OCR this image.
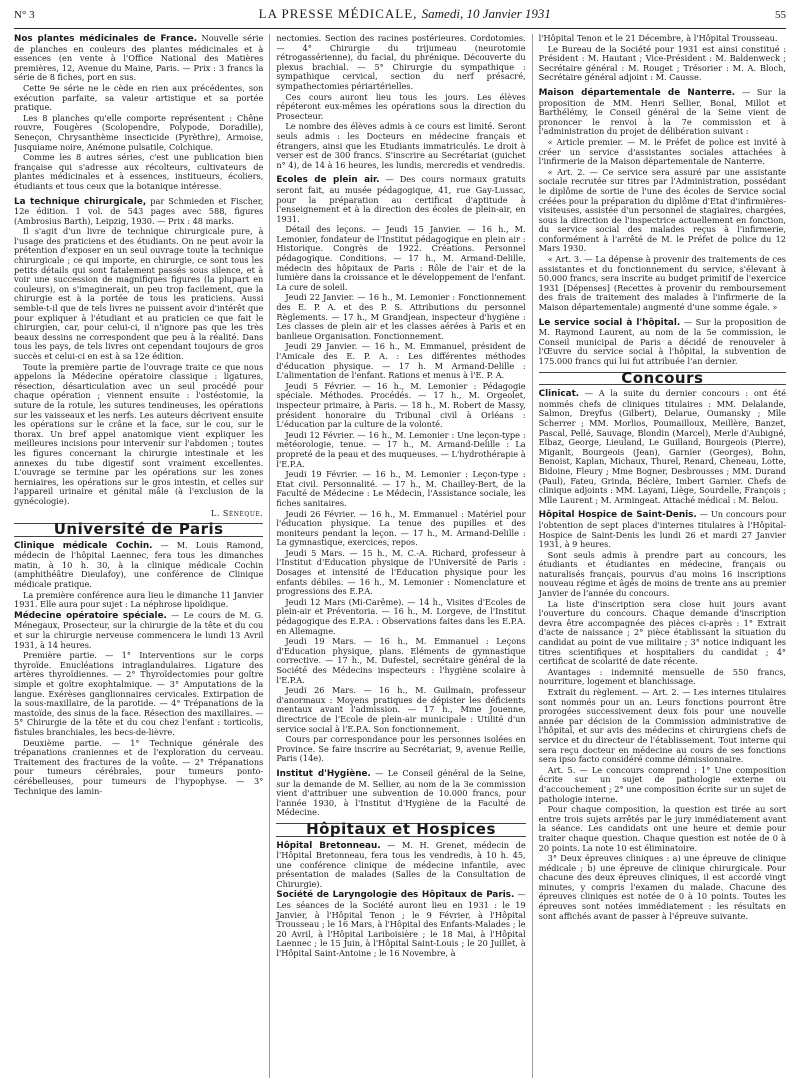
N° 3	LA PRESSE MÉDICALE, Samedi, 10 Janvier 1931	55

Nos plantes médicinales de France. Nouvelle série de planches en couleurs des plantes médicinales et à essences (en vente à l'Office National des Matières premières, 12, Avenue du Maine, Paris. — Prix : 3 francs la série de 8 fiches, port en sus.

Cette 9e série ne le cède en rien aux précédentes, son exécution parfaite, sa valeur artistique et sa portée pratique.

Les 8 planches qu'elle comporte représentent : Chêne rouvre, Fougères (Scolopendre, Polypode, Doradille), Seneçon, Chrysanthème insecticide (Pyrèthre), Armoise, Jusquiame noire, Anémone pulsatile, Colchique.

Comme les 8 autres séries, c'est une publication bien française qui s'adresse aux récolteurs, cultivateurs de plantes médicinales et à essences, institueurs, écoliers, étudiants et tous ceux que la botanique intéresse.

La technique chirurgicale, par Schmieden et Fischer, 12e édition. 1 vol. de 543 pages avec 588, figures (Ambrosius Barth), Leipzig, 1930. — Prix : 48 marks.

Il s'agit d'un livre de technique chirurgicale pure, à l'usage des praticiens et des étudiants. On ne peut avoir la prétention d'exposer en un seul ouvrage toute la technique chirurgicale ; ce qui importe, en chirurgie, ce sont tous les petits détails qui sont fatalement passés sous silence, et à voir une succession de magnifiques figures (la plupart en couleurs), on s'imaginerait, un peu trop facilement, que la chirurgie est à la portée de tous les praticiens. Aussi semble-t-il que de tels livres ne puissent avoir d'intérêt que pour expliquer à l'étudiant et au praticien ce que fait le chirurgien, car, pour celui-ci, il n'ignore pas que les très beaux dessins ne correspondent que peu à la réalité. Dans tous les pays, de tels livres ont cependant toujours de gros succès et celui-ci en est à sa 12e édition.

Toute la première partie de l'ouvrage traite ce que nous appelons la Médecine opératoire classique : ligatures, résection, désarticulation avec un seul procédé pour chaque opération ; viennent ensuite : l'ostéotomie, la suture de la rotule, les sutures tendineuses, les opérations sur les vaisseaux et les nerfs. Les auteurs décrivent ensuite les opérations sur le crâne et la face, sur le cou, sur le thorax. Un bref appel anatomique vient expliquer les meilleures incisions pour intervenir sur l'abdomen ; toutes les figures concernant la chirurgie intestinale et les annexes du tube digestif sont vraiment excellentes. L'ouvrage se termine par les opérations sur les zones herniaires, les opérations sur le gros intestin, et celles sur l'appareil urinaire et génital mâle (à l'exclusion de la gynécologie).

L. Sénèque.
Université de Paris

Clinique médicale Cochin. — M. Louis Ramond, médecin de l'hôpital Laennec, fera tous les dimanches matin, à 10 h. 30, à la clinique médicale Cochin (amphithéâtre Dieulafoy), une conférence de Clinique médicale pratique.

La première conférence aura lieu le dimanche 11 Janvier 1931. Elle aura pour sujet : La néphrose lipoïdique.

Médecine opératoire spéciale. — Le cours de M. G. Ménegaux, Prosecteur, sur la chirurgie de la tête et du cou et sur la chirurgie nerveuse commencera le lundi 13 Avril 1931, à 14 heures.

Première partie. — 1° Interventions sur le corps thyroïde. Enucléations intraglandulaires. Ligature des artères thyroïdiennes. — 2° Thyroïdectomies pour goître simple et goître exophtalmique. — 3° Amputations de la langue. Exérèses ganglionnaires cervicales. Extirpation de la sous-maxillaire, de la parotide. — 4° Trépanations de la mastoïde, des sinus de la face. Résection des maxillaires. — 5° Chirurgie de la tête et du cou chez l'enfant : torticolis, fistules branchiales, les becs-de-lièvre.

Deuxième partie. — 1° Technique générale des trépanations craniennes et de l'exploration du cerveau. Traitement des fractures de la voûte. — 2° Trépanations pour tumeurs cérébrales, pour tumeurs ponto-cérébelleuses, pour tumeurs de l'hypophyse. — 3° Technique des lamin-

nectomies. Section des racines postérieures. Cordotomies. — 4° Chirurgie du trijumeau (neurotomie rétrogassérienne), du facial, du phrénique. Découverte du plexus brachial. — 5° Chirurgie du sympathique : sympathique cervical, section du nerf présacré, sympathectomies périartérielles.

Ces cours auront lieu tous les jours. Les élèves répéteront eux-mêmes les opérations sous la direction du Prosecteur.

Le nombre des élèves admis à ce cours est limité. Seront seuls admis : les Docteurs en médecine français et étrangers, ainsi que les Etudiants immatriculés. Le droit à verser est de 300 francs. S'inscrire au Secrétariat (guichet n° 4), de 14 à 16 heures, les lundis, mercredis et vendredis.

Ecoles de plein air. — Des cours normaux gratuits seront fait, au musée pédagogique, 41, rue Gay-Lussac, pour la préparation au certificat d'aptitude à l'enseignement et à la direction des écoles de plein-air, en 1931.

Détail des leçons. — Jeudi 15 Janvier. — 16 h., M. Lemonier, fondateur de l'Institut pédagogique en plein air : Historique. Congrès de 1922. Créations. Personnel pédagogique. Conditions. — 17 h., M. Armand-Delille, médecin des hôpitaux de Paris : Rôle de l'air et de la lumière dans la croissance et le développement de l'enfant. La cure de soleil.

Jeudi 22 Janvier. — 16 h., M. Lemonier : Fonctionnement des E. P. A. et des P. S. Attributions du personnel Règlements. — 17 h., M Grandjean, inspecteur d'hygiène : Les classes de plein air et les classes aérées à Paris et en banlieue Organisation. Fonctionnement.

Jeudi 29 Janvier. — 16 h., M. Emmanuel, président de l'Amicale des E. P. A. : Les différentes méthodes d'éducation physique. — 17 h. M Armand-Delille : L'alimentation de l'enfant. Rations et menus à l'E. P. A.

Jeudi 5 Février. — 16 h., M. Lemonier : Pédagogie spéciale. Méthodes. Procédés. — 17 h., M. Orgeolet, inspecteur primaire, à Paris. — 18 h., M. Robert de Massy, président honoraire du Tribunal civil à Orléans : L'éducation par la culture de la volonté.

Jeudi 12 Février. — 16 h., M. Lemonier : Une leçon-type : météorologie, tenue. — 17 h., M. Armand-Delille : La propreté de la peau et des muqueuses. — L'hydrothérapie à l'E.P.A.

Jeudi 19 Février. — 16 h., M. Lemonier : Leçon-type : Etat civil. Personnalité. — 17 h., M. Chailley-Bert, de la Faculté de Médecine : Le Médecin, l'Assistance sociale, les fiches sanitaires.

Jeudi 26 Février. — 16 h., M. Emmanuel : Matériel pour l'éducation physique. La tenue des pupilles et des moniteurs pendant la leçon. — 17 h., M. Armand-Delille : La gymnastique, exercices, repos.

Jeudi 5 Mars. — 15 h., M. C.-A. Richard, professeur à l'Institut d'Education physique de l'Université de Paris : Dosages et intensité de l'Education physique pour les enfants débiles. — 16 h., M. Lemonier : Nomenclature et progressions des E.P.A.

Jeudi 12 Mars (Mi-Carême). — 14 h., Visites d'Ecoles de plein-air et Préventoria. — 16 h., M. Lorgeve, de l'Institut pédagogique des E.P.A. : Observations faites dans les E.P.A. en Allemagne.

Jeudi 19 Mars. — 16 h., M. Emmanuel : Leçons d'Education physique, plans. Eléments de gymnastique corrective. — 17 h., M. Dufestel, secrétaire général de la Société des Médecins inspecteurs : l'hygiène scolaire à l'E.P.A.

Jeudi 26 Mars. — 16 h., M. Guilmain, professeur d'anormaux : Moyens pratiques de dépister les déficients mentaux avant l'admission. — 17 h., Mme Jouenne, directrice de l'Ecole de plein-air municipale : Utilité d'un service social à l'E.P.A. Son fonctionnement.

Cours par correspondance pour les personnes isolées en Province. Se faire inscrire au Secrétariat, 9, avenue Reille, Paris (14e).

Institut d'Hygiène. — Le Conseil général de la Seine, sur la demande de M. Sellier, au nom de la 3e commission vient d'attribuer une subvention de 10.000 francs, pour l'année 1930, à l'Institut d'Hygiène de la Faculté de Médecine.

Hôpitaux et Hospices

Hôpital Bretonneau. — M. H. Grenet, médecin de l'Hôpital Bretonneau, fera tous les vendredis, à 10 h. 45, une conférence clinique de médecine infantile, avec présentation de malades (Salles de la Consultation de Chirurgie).

Société de Laryngologie des Hôpitaux de Paris. — Les séances de la Société auront lieu en 1931 : le 19 Janvier, à l'Hôpital Tenon ; le 9 Février, à l'Hôpital Trousseau ; le 16 Mars, à l'Hôpital des Enfants-Malades ; le 20 Avril, à l'Hôpital Lariboisière ; le 18 Mai, à l'Hôpital Laennec ; le 15 Juin, à l'Hôpital Saint-Louis ; le 20 Juillet, à l'Hôpital Saint-Antoine ; le 16 Novembre, à

l'Hôpital Tenon et le 21 Décembre, à l'Hôpital Trousseau.

Le Bureau de la Société pour 1931 est ainsi constitué : Président : M. Hautant ; Vice-Président : M. Baldenweck ; Secrétaire général : M. Rouget ; Trésorier : M. A. Bloch, Secrétaire général adjoint : M. Causse.

Maison départementale de Nanterre. — Sur la proposition de MM. Henri Sellier, Bonal, Millot et Barthélémy, le Conseil général de la Seine vient de prononcer le renvoi à la 7e commission et à l'administration du projet de délibération suivant :

« Article premier. — M. le Préfet de police est invité à créer un service d'assistantes sociales attachées à l'infirmerie de la Maison départementale de Nanterre.

« Art. 2. — Ce service sera assuré par une assistante sociale recrutée sur titres par l'Administration, possédant le diplôme de sortie de l'une des écoles de Service social créées pour la préparation du diplôme d'Etat d'infirmières-visiteuses, assistée d'un personnel de stagiaires, chargées, sous la direction de l'inspectrice actuellement en fonction, du service social des malades reçus à l'infirmerie, conformément à l'arrêté de M. le Préfet de police du 12 Mars 1930.

« Art. 3. — La dépense à provenir des traitements de ces assistantes et du fonctionnement du service, s'élevant à 50.000 francs, sera inscrite au budget primitif de l'exercice 1931 [Dépenses] (Recettes à provenir du remboursement des frais de traitement des malades à l'infirmerie de la Maison départementale) augmenté d'une somme égale. »

Le service social à l'hôpital. — Sur la proposition de M. Raymond Laurent, au nom de la 5e commission, le Conseil municipal de Paris a décidé de renouveler à l'Œuvre du service social à l'hôpital, la subvention de 175.000 francs qui lui fut attribuée l'an dernier.

Concours

Clinicat. — A la suite du dernier concours : ont été nommés chefs de cliniques titulaires : MM. Delalande, Salmon, Dreyfus (Gilbert), Delarue, Oumansky ; Mlle Scherrer ; MM. Morlios, Poumailloux, Meillère, Banzet, Pascal, Pellé, Sauvage, Blondin (Marcel), Merle d'Aubigné, Elbaz, George, Lieuland, Le Guilland, Bourgeois (Pierre), Miganlt, Bourgeois (Jean), Garnier (Georges), Bohn, Benoist, Kaplan, Michaux, Thurel, Renard, Cheneau, Lotte, Bidoine, Fleury ; Mme Bogner, Desbrousses ; MM. Durand (Paul), Fateu, Grinda, Béclère, Imbert Garnier. Chefs de clinique adjoints : MM. Layani, Liège, Sourdelle, François ; Mlle Laurent ; M. Armingeat. Attaché médical : M. Belou.

Hôpital Hospice de Saint-Denis. — Un concours pour l'obtention de sept places d'internes titulaires à l'Hôpital-Hospice de Saint-Denis les lundi 26 et mardi 27 Janvier 1931, à 9 heures.

Sont seuls admis à prendre part au concours, les étudiants et étudiantes en médecine, français ou naturalisés français, pourvus d'au moins 16 inscriptions nouveau régime et âgés de moins de trente ans au premier Janvier de l'année du concours.

La liste d'inscription sera close huit jours avant l'ouverture du concours. Chaque demande d'inscription devra être accompagnée des pièces ci-après : 1° Extrait d'acte de naissance ; 2° pièce établissant la situation du candidat au point de vue militaire ; 3° notice indiquant les titres scientifiques et hospitaliers du candidat ; 4° certificat de scolarité de date récente.

Avantages : indemnité mensuelle de 550 francs, nourriture, logement et blanchissage.

Extrait du règlement. — Art. 2. — Les internes titulaires sont nommés pour un an. Leurs fonctions pourront être prorogées successivement deux fois pour une nouvelle année par décision de la Commission administrative de l'hôpital, et sur avis des médecins et chirurgiens chefs de service et du directeur de l'établissement. Tout interne qui sera reçu docteur en médecine au cours de ses fonctions sera ipso facto considéré comme démissionnaire.

Art. 5. — Le concours comprend : 1° Une composition écrite sur un sujet de pathologie externe ou d'accouchement ; 2° une composition écrite sur un sujet de pathologie interne.

Pour chaque composition, la question est tirée au sort entre trois sujets arrêtés par le jury immédiatement avant la séance. Les candidats ont une heure et demie pour traiter chaque question. Chaque question est notée de 0 à 20 points. La note 10 est éliminatoire.

3° Deux épreuves cliniques : a) une épreuve de clinique médicale ; b) une épreuve de clinique chirurgicale. Pour chacune des deux épreuves cliniques, il est accordé vingt minutes, y compris l'examen du malade. Chacune des épreuves cliniques est notée de 0 à 10 points. Toutes les épreuves sont notées immédiatement : les résultats en sont affichés avant de passer à l'épreuve suivante.
